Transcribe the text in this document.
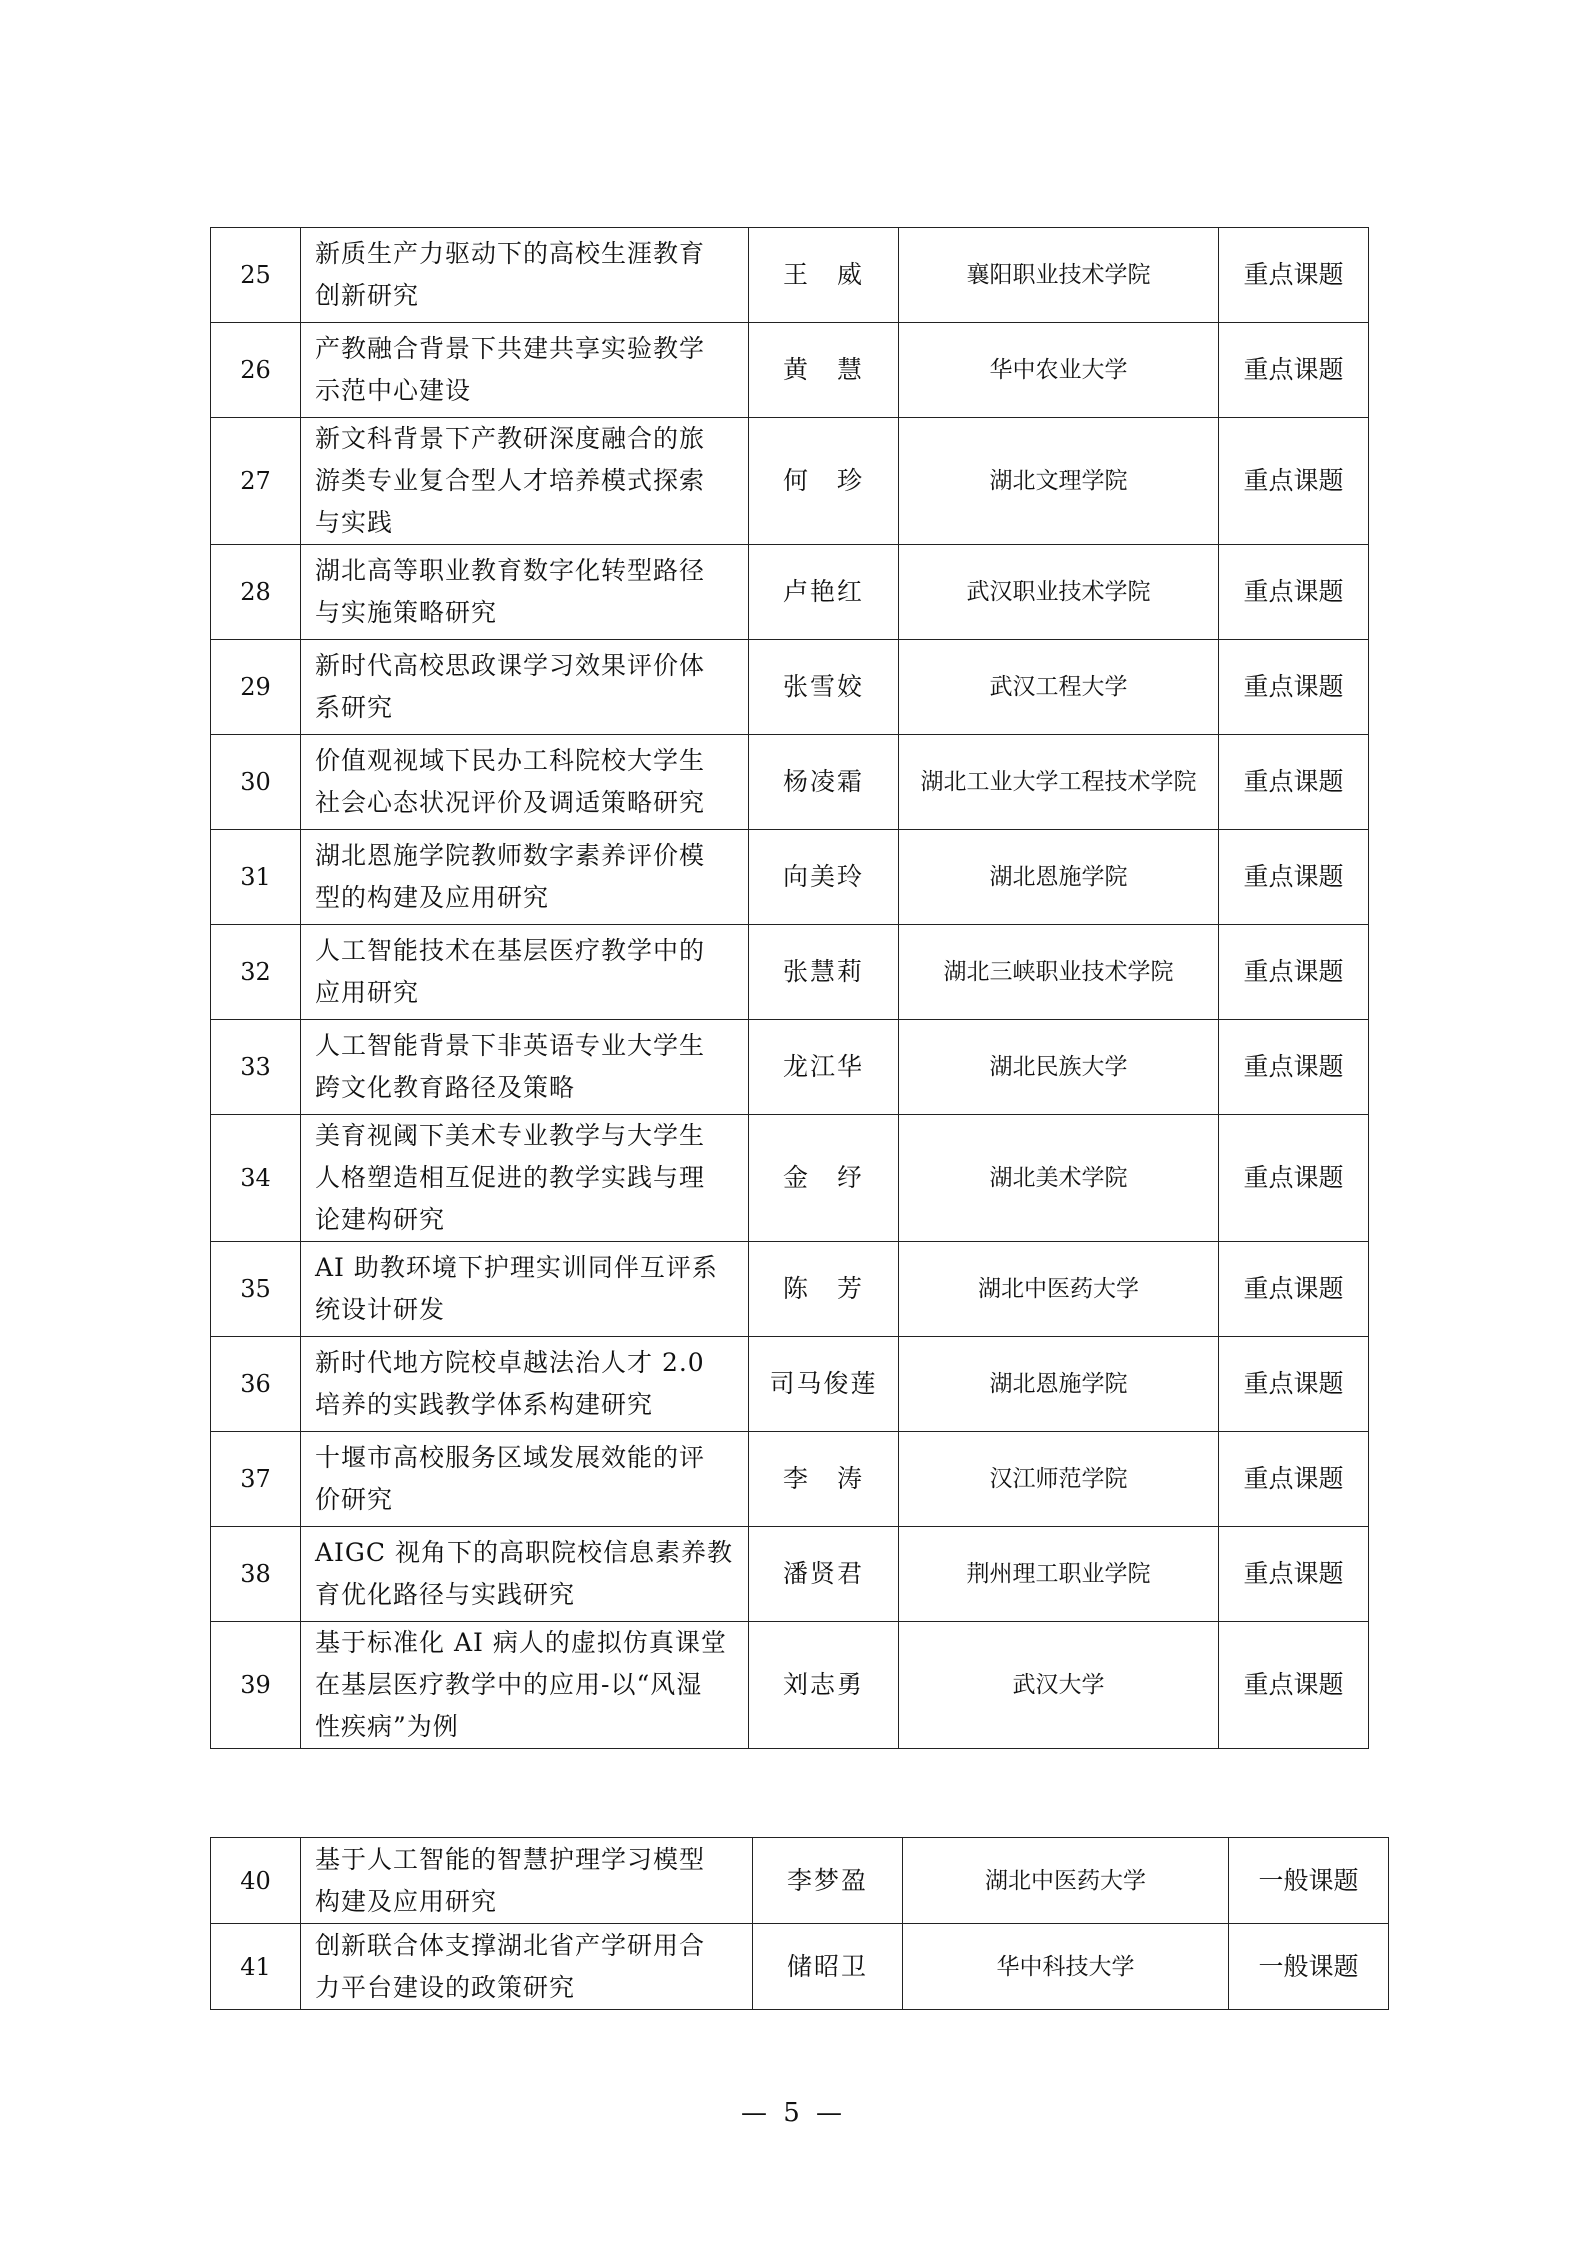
25	新质生产力驱动下的高校生涯教育
创新研究	王　威	襄阳职业技术学院	重点课题
26	产教融合背景下共建共享实验教学
示范中心建设	黄　慧	华中农业大学	重点课题
27	新文科背景下产教研深度融合的旅
游类专业复合型人才培养模式探索
与实践	何　珍	湖北文理学院	重点课题
28	湖北高等职业教育数字化转型路径
与实施策略研究	卢艳红	武汉职业技术学院	重点课题
29	新时代高校思政课学习效果评价体
系研究	张雪姣	武汉工程大学	重点课题
30	价值观视域下民办工科院校大学生
社会心态状况评价及调适策略研究	杨凌霜	湖北工业大学工程技术学院	重点课题
31	湖北恩施学院教师数字素养评价模
型的构建及应用研究	向美玲	湖北恩施学院	重点课题
32	人工智能技术在基层医疗教学中的
应用研究	张慧莉	湖北三峡职业技术学院	重点课题
33	人工智能背景下非英语专业大学生
跨文化教育路径及策略	龙江华	湖北民族大学	重点课题
34	美育视阈下美术专业教学与大学生
人格塑造相互促进的教学实践与理
论建构研究	金　纾	湖北美术学院	重点课题
35	AI 助教环境下护理实训同伴互评系
统设计研发	陈　芳	湖北中医药大学	重点课题
36	新时代地方院校卓越法治人才 2.0
培养的实践教学体系构建研究	司马俊莲	湖北恩施学院	重点课题
37	十堰市高校服务区域发展效能的评
价研究	李　涛	汉江师范学院	重点课题
38	AIGC 视角下的高职院校信息素养教
育优化路径与实践研究	潘贤君	荆州理工职业学院	重点课题
39	基于标准化 AI 病人的虚拟仿真课堂
在基层医疗教学中的应用-以“风湿
性疾病”为例	刘志勇	武汉大学	重点课题
40	基于人工智能的智慧护理学习模型
构建及应用研究	李梦盈	湖北中医药大学	一般课题
41	创新联合体支撑湖北省产学研用合
力平台建设的政策研究	储昭卫	华中科技大学	一般课题
— 5 —
